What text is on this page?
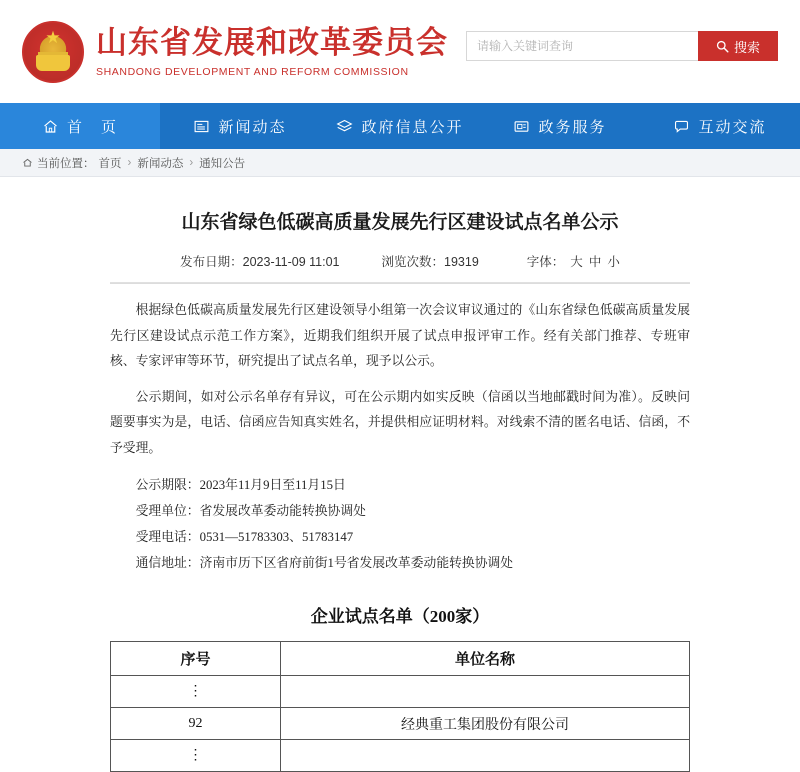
★
山东省发展和改革委员会
SHANDONG DEVELOPMENT AND REFORM COMMISSION
请输入关键词查询
搜索
首　页	新闻动态	政府信息公开	政务服务	互动交流
当前位置： 首页 › 新闻动态 › 通知公告
山东省绿色低碳高质量发展先行区建设试点名单公示
发布日期：2023-11-09 11:01	浏览次数：19319	字体： 大 中 小

根据绿色低碳高质量发展先行区建设领导小组第一次会议审议通过的《山东省绿色低碳高质量发展先行区建设试点示范工作方案》，近期我们组织开展了试点申报评审工作。经有关部门推荐、专班审核、专家评审等环节，研究提出了试点名单，现予以公示。

公示期间，如对公示名单存有异议，可在公示期内如实反映（信函以当地邮戳时间为准）。反映问题要事实为是，电话、信函应告知真实姓名，并提供相应证明材料。对线索不清的匿名电话、信函，不予受理。

公示期限：2023年11月9日至11月15日

受理单位：省发展改革委动能转换协调处

受理电话：0531—51783303、51783147

通信地址：济南市历下区省府前街1号省发展改革委动能转换协调处

企业试点名单（200家）
序号	单位名称
⋮	
92	经典重工集团股份有限公司
⋮	
